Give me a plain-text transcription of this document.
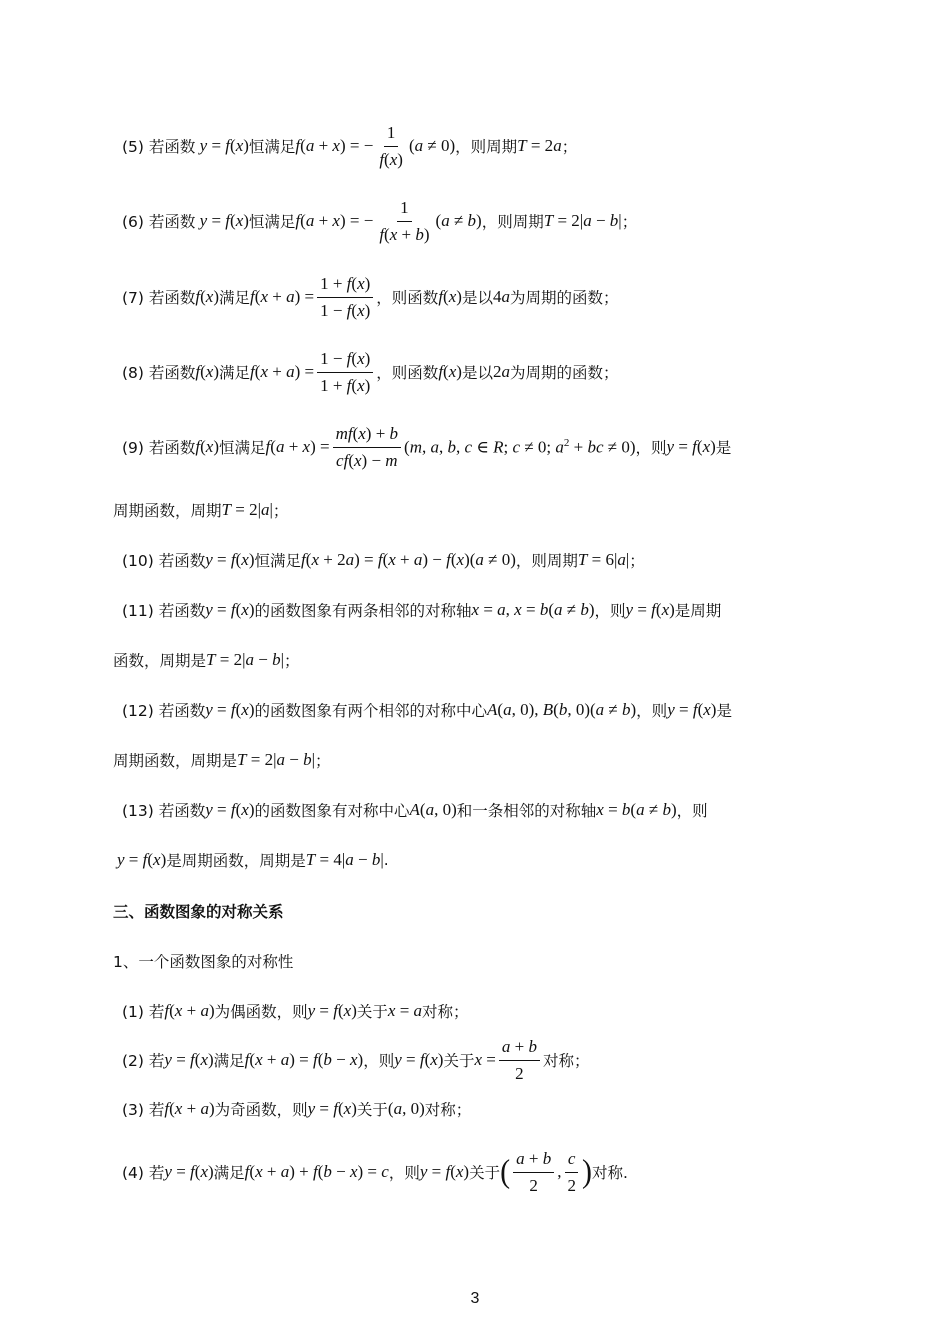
(5) 若函数 y = f(x) 恒满足 f(a + x) = − $\frac{1}{f(x)} (a \ne 0)$ ，则周期 T = 2a ；
(6) 若函数 y = f(x) 恒满足 f(a + x) = − $\frac{1}{f(x + b)} (a \ne b)$ ，则周期 T = 2|a − b| ；
(7) 若函数 f(x) 满足 $f(x + a) = \frac{1 + f(x)}{1 - f(x)}$ ，则函数 f(x) 是以 4a 为周期的函数；
(8) 若函数 f(x) 满足 $f(x + a) = \frac{1 - f(x)}{1 + f(x)}$ ，则函数 f(x) 是以 2a 为周期的函数；
(9) 若函数 f(x) 恒满足 $f(a + x) = \frac{mf(x) + b}{cf(x) - m} (m$, a, b, c ∈ R; c ≠ 0; $a^2$ + bc ≠ 0) ，则 y = f(x) 是
周期函数，周期 T = 2|a| ；
(10) 若函数 y = f(x) 恒满足 f(x + 2a) = f(x + a) − f(x)(a ≠ 0) ，则周期 T = 6|a| ；
(11) 若函数 y = f(x) 的函数图象有两条相邻的对称轴 x = a, x = b(a ≠ b) ，则 y = f(x) 是周期
函数，周期是 T = 2|a − b| ；
(12) 若函数 y = f(x) 的函数图象有两个相邻的对称中心 A(a, 0), B(b, 0)(a ≠ b) ，则 y = f(x) 是
周期函数，周期是 T = 2|a − b| ；
(13) 若函数 y = f(x) 的函数图象有对称中心 A(a, 0) 和一条相邻的对称轴 x = b(a ≠ b) ，则
y = f(x) 是周期函数，周期是 T = 4|a − b| .
三、函数图象的对称关系
1、一个函数图象的对称性
(1) 若 f(x + a) 为偶函数，则 y = f(x) 关于 x = a 对称；
(2) 若 y = f(x) 满足 f(x + a) = f(b − x) ，则 y = f(x) 关于 $x = \frac{a + b}{2}$ 对称；
(3) 若 f(x + a) 为奇函数，则 y = f(x) 关于 (a, 0) 对称；
(4) 若 y = f(x) 满足 f(x + a) + f(b − x) = c ，则 y = f(x) 关于 ( $\frac{a + b}{2}$ , $\frac{c}{2}$ ) 对称.
3
